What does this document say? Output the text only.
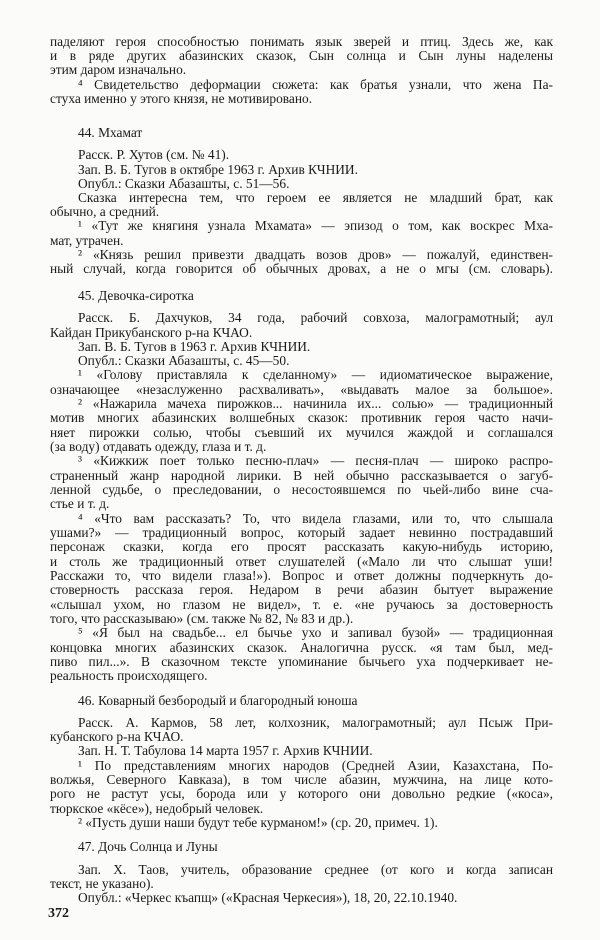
372
падeляют героя способностью понимать язык зверей и птиц. Здесь же, как
и в ряде других абазинских сказок, Сын солнца и Сын луны наделены
этим даром изначально.
⁴ Свидетельство деформации сюжета: как братья узнали, что жена Па-
стуха именно у этого князя, не мотивировано.
44. Мхамат
Расск. Р. Хутов (см. № 41).
Зап. В. Б. Тугов в октябре 1963 г. Архив КЧНИИ.
Опубл.: Сказки Абазашты, с. 51—56.
Сказка интересна тем, что героем ее является не младший брат, как
обычно, а средний.
¹ «Тут же княгиня узнала Мхамата» — эпизод о том, как воскрес Мха-
мат, утрачен.
² «Князь решил привезти двадцать возов дров» — пожалуй, единствен-
ный случай, когда говорится об обычных дровах, а не о мгы (см. словарь).
45. Девочка-сиротка
Расск. Б. Дахчуков, 34 года, рабочий совхоза, малограмотный; аул
Кайдан Прикубанского р-на КЧАО.
Зап. В. Б. Тугов в 1963 г. Архив КЧНИИ.
Опубл.: Сказки Абазашты, с. 45—50.
¹ «Голову приставляла к сделанному» — идиоматическое выражение,
означающее «незаслуженно расхваливать», «выдавать малое за большое».
² «Нажарила мачеха пирожков... начинила их... солью» — традиционный
мотив многих абазинских волшебных сказок: противник героя часто начи-
няет пирожки солью, чтобы съевший их мучился жаждой и соглашался
(за воду) отдавать одежду, глаза и т. д.
³ «Кижкиж поет только песню-плач» — песня-плач — широко распро-
страненный жанр народной лирики. В ней обычно рассказывается о загуб-
ленной судьбе, о преследовании, о несостоявшемся по чьей-либо вине сча-
стье и т. д.
⁴ «Что вам рассказать? То, что видела глазами, или то, что слышала
ушами?» — традиционный вопрос, который задает невинно пострадавший
персонаж сказки, когда его просят рассказать какую-нибудь историю,
и столь же традиционный ответ слушателей («Мало ли что слышат уши!
Расскажи то, что видели глаза!»). Вопрос и ответ должны подчеркнуть до-
стоверность рассказа героя. Недаром в речи абазин бытует выражение
«слышал ухом, но глазом не видел», т. е. «не ручаюсь за достоверность
того, что рассказываю» (см. также № 82, № 83 и др.).
⁵ «Я был на свадьбе... ел бычье ухо и запивал бузой» — традиционная
концовка многих абазинских сказок. Аналогична русск. «я там был, мед-
пиво пил...». В сказочном тексте упоминание бычьего уха подчеркивает не-
реальность происходящего.
46. Коварный безбородый и благородный юноша
Расск. А. Кармов, 58 лет, колхозник, малограмотный; аул Псыж При-
кубанского р-на КЧАО.
Зап. Н. Т. Табулова 14 марта 1957 г. Архив КЧНИИ.
¹ По представлениям многих народов (Средней Азии, Казахстана, По-
волжья, Северного Кавказа), в том числе абазин, мужчина, на лице кото-
рого не растут усы, борода или у которого они довольно редкие («коса»,
тюркское «кёсе»), недобрый человек.
² «Пусть души наши будут тебе курманом!» (ср. 20, примеч. 1).
47. Дочь Солнца и Луны
Зап. Х. Таов, учитель, образование среднее (от кого и когда записан
текст, не указано).
Опубл.: «Черкес къапщ» («Красная Черкесия»), 18, 20, 22.10.1940.
